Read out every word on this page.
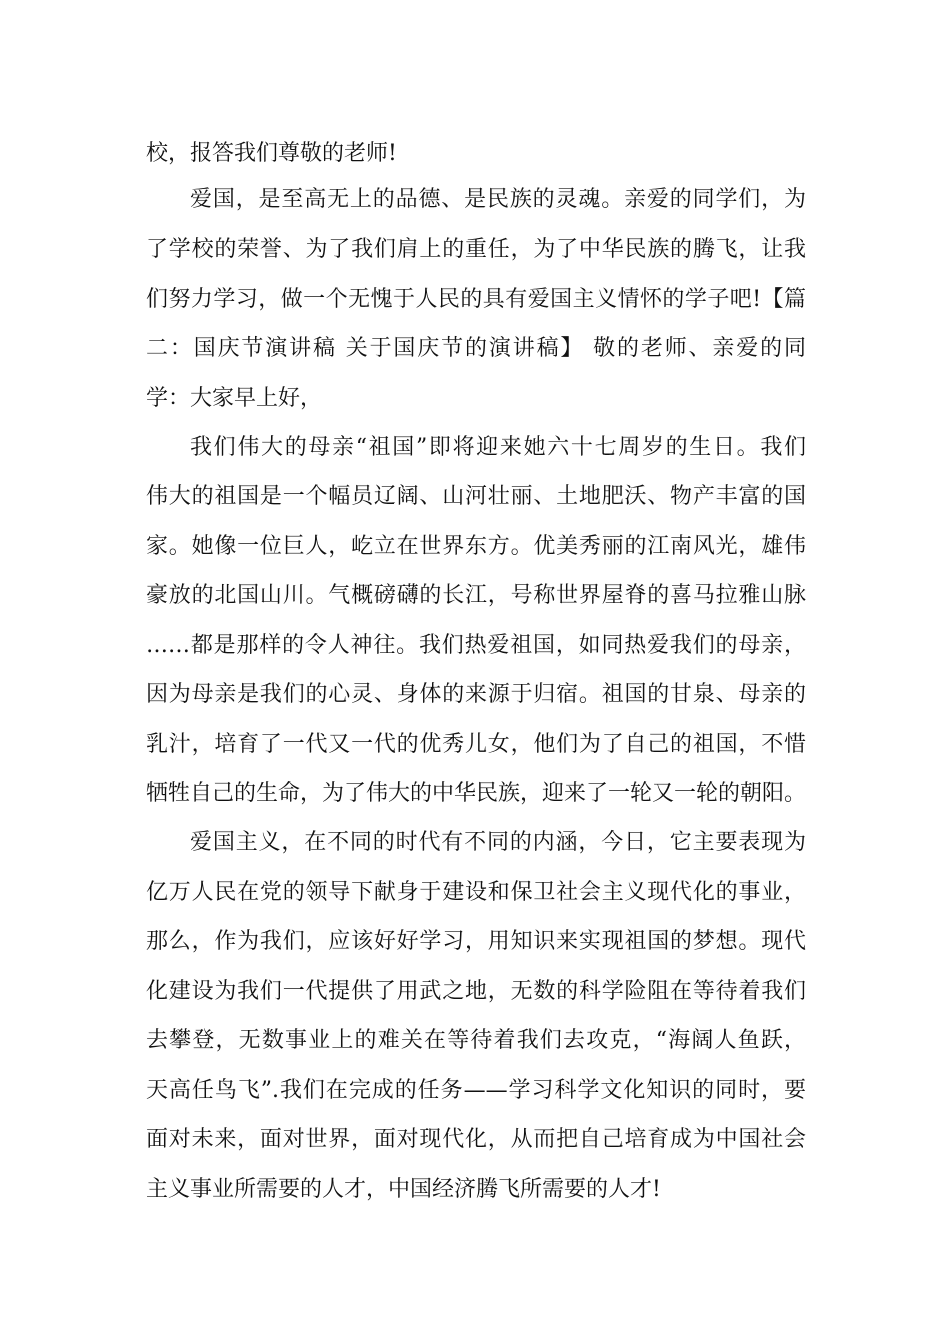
校，报答我们尊敬的老师!
爱国，是至高无上的品德、是民族的灵魂。亲爱的同学们，为
了学校的荣誉、为了我们肩上的重任，为了中华民族的腾飞，让我
们努力学习，做一个无愧于人民的具有爱国主义情怀的学子吧!【篇
二：国庆节演讲稿 关于国庆节的演讲稿】 敬的老师、亲爱的同
学：大家早上好，
我们伟大的母亲“祖国”即将迎来她六十七周岁的生日。我们
伟大的祖国是一个幅员辽阔、山河壮丽、土地肥沃、物产丰富的国
家。她像一位巨人，屹立在世界东方。优美秀丽的江南风光，雄伟
豪放的北国山川。气概磅礴的长江，号称世界屋脊的喜马拉雅山脉
……都是那样的令人神往。我们热爱祖国，如同热爱我们的母亲，
因为母亲是我们的心灵、身体的来源于归宿。祖国的甘泉、母亲的
乳汁，培育了一代又一代的优秀儿女，他们为了自己的祖国，不惜
牺牲自己的生命，为了伟大的中华民族，迎来了一轮又一轮的朝阳。
爱国主义，在不同的时代有不同的内涵，今日，它主要表现为
亿万人民在党的领导下献身于建设和保卫社会主义现代化的事业，
那么，作为我们，应该好好学习，用知识来实现祖国的梦想。现代
化建设为我们一代提供了用武之地，无数的科学险阻在等待着我们
去攀登，无数事业上的难关在等待着我们去攻克，“海阔人鱼跃，
天高任鸟飞”.我们在完成的任务——学习科学文化知识的同时，要
面对未来，面对世界，面对现代化，从而把自己培育成为中国社会
主义事业所需要的人才，中国经济腾飞所需要的人才!
